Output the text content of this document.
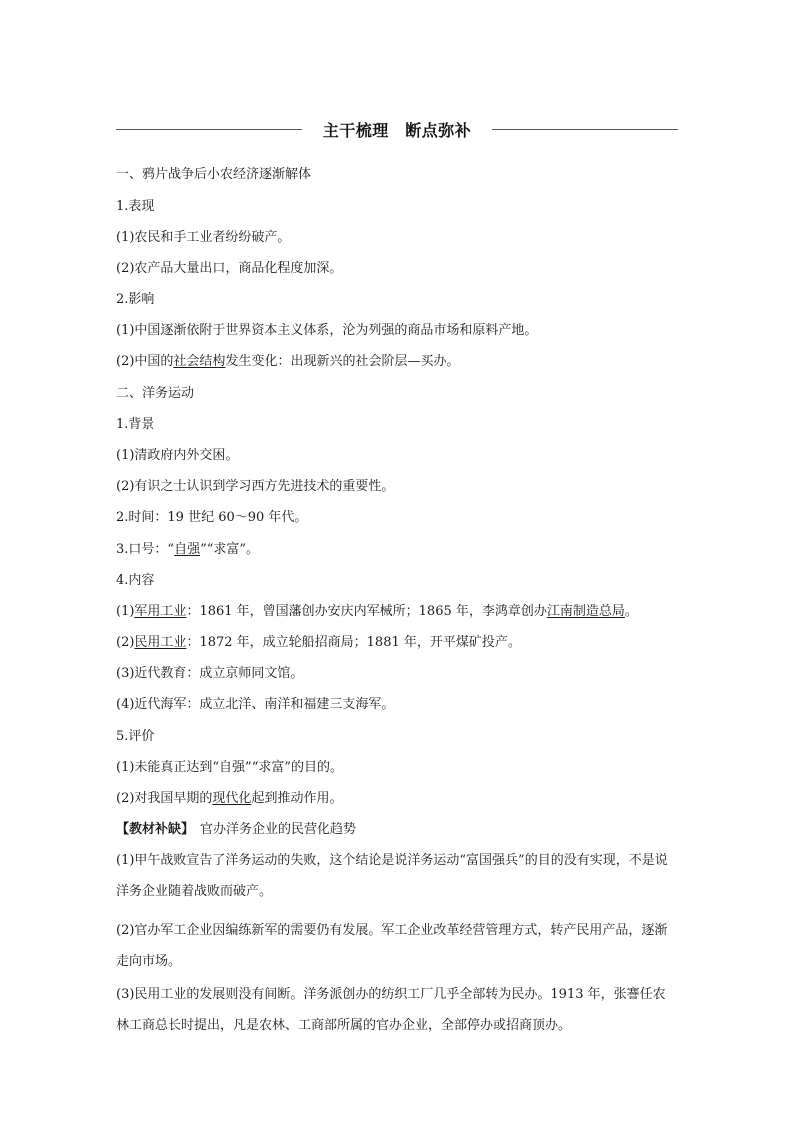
主干梳理　断点弥补
一、鸦片战争后小农经济逐渐解体
1.表现
(1)农民和手工业者纷纷破产。
(2)农产品大量出口，商品化程度加深。
2.影响
(1)中国逐渐依附于世界资本主义体系，沦为列强的商品市场和原料产地。
(2)中国的社会结构发生变化：出现新兴的社会阶层—买办。
二、洋务运动
1.背景
(1)清政府内外交困。
(2)有识之士认识到学习西方先进技术的重要性。
2.时间：19 世纪 60～90 年代。
3.口号：“自强”“求富”。
4.内容
(1)军用工业：1861 年，曾国藩创办安庆内军械所；1865 年，李鸿章创办江南制造总局。
(2)民用工业：1872 年，成立轮船招商局；1881 年，开平煤矿投产。
(3)近代教育：成立京师同文馆。
(4)近代海军：成立北洋、南洋和福建三支海军。
5.评价
(1)未能真正达到“自强”“求富”的目的。
(2)对我国早期的现代化起到推动作用。
【教材补缺】 官办洋务企业的民营化趋势
(1)甲午战败宣告了洋务运动的失败，这个结论是说洋务运动“富国强兵”的目的没有实现，不是说洋务企业随着战败而破产。
(2)官办军工企业因编练新军的需要仍有发展。军工企业改革经营管理方式，转产民用产品，逐渐走向市场。
(3)民用工业的发展则没有间断。洋务派创办的纺织工厂几乎全部转为民办。1913 年，张謇任农林工商总长时提出，凡是农林、工商部所属的官办企业，全部停办或招商顶办。
